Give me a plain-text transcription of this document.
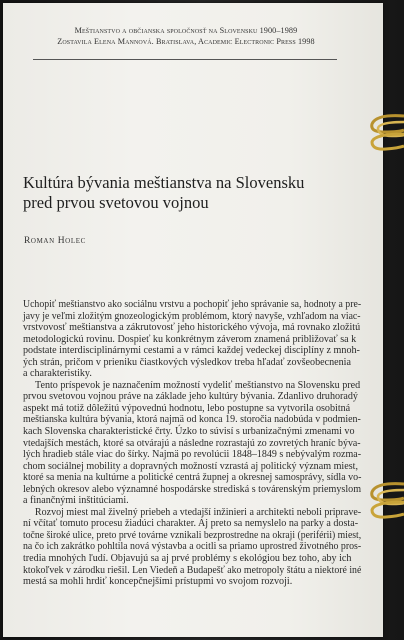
Meštianstvo a občianska spoločnosť na Slovensku 1900–1989
Zostavila Elena Mannová. Bratislava, Academic Electronic Press 1998
Kultúra bývania meštianstva na Slovensku
pred prvou svetovou vojnou
Roman Holec
Uchopiť meštianstvo ako sociálnu vrstvu a pochopiť jeho správanie sa, hodnoty a pre-
javy je veľmi zložitým gnozeologickým problémom, ktorý navyše, vzhľadom na viac-
vrstvovosť meštianstva a zákrutovosť jeho historického vývoja, má rovnako zložitú
metodologickú rovinu. Dospieť ku konkrétnym záverom znamená približovať sa k
podstate interdisciplinárnymi cestami a v rámci každej vedeckej disciplíny z mnoh-
ých strán, pričom v prieniku čiastkových výsledkov treba hľadať zovšeobecnenia
a charakteristiky.
Tento príspevok je naznačením možností vydeliť meštianstvo na Slovensku pred
prvou svetovou vojnou práve na základe jeho kultúry bývania. Zdanlivo druhoradý
aspekt má totiž dôležitú výpovednú hodnotu, lebo postupne sa vytvorila osobitná
meštianska kultúra bývania, ktorá najmä od konca 19. storočia nadobúda v podmien-
kach Slovenska charakteristické črty. Úzko to súvisí s urbanizačnými zmenami vo
vtedajších mestách, ktoré sa otvárajú a následne rozrastajú zo zovretých hraníc býva-
lých hradieb stále viac do šírky. Najmä po revolúcii 1848–1849 s nebývalým rozma-
chom sociálnej mobility a dopravných možností vzrastá aj politický význam miest,
ktoré sa menia na kultúrne a politické centrá župnej a okresnej samosprávy, sídla vo-
lebných okresov alebo významné hospodárske strediská s továrenským priemyslom
a finančnými inštitúciami.
Rozvoj miest mal živelný priebeh a vtedajší inžinieri a architekti neboli priprave-
ní včítať tomuto procesu žiadúci charakter. Aj preto sa nemyslelo na parky a dosta-
točne široké ulice, preto prvé továrne vznikali bezprostredne na okraji (periférii) miest,
na čo ich zakrátko pohltila nová výstavba a ocitli sa priamo uprostred životného pros-
tredia mnohých ľudí. Objavujú sa aj prvé problémy s ekológiou bez toho, aby ich
ktokoľvek v zárodku riešil. Len Viedeň a Budapešť ako metropoly štátu a niektoré iné
mestá sa mohli hrdiť koncepčnejšími prístupmi vo svojom rozvoji.
